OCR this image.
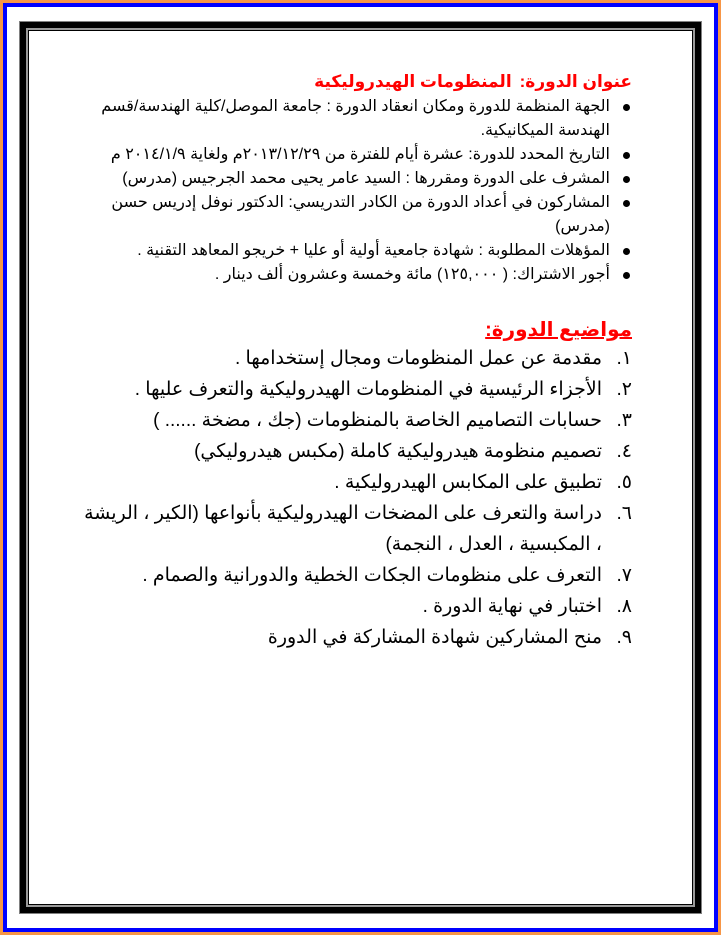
عنوان الدورة:المنظومات الهيدروليكية
الجهة المنظمة للدورة ومكان انعقاد الدورة : جامعة الموصل/كلية الهندسة/قسم الهندسة الميكانيكية.
التاريخ المحدد للدورة: عشرة أيام للفترة من ٢٠١٣/١٢/٢٩م ولغاية ٢٠١٤/١/٩ م
المشرف على الدورة ومقررها : السيد عامر يحيى محمد الجرجيس (مدرس)
المشاركون في أعداد الدورة من الكادر التدريسي: الدكتور نوفل إدريس حسن (مدرس)
المؤهلات المطلوبة : شهادة جامعية أولية أو عليا + خريجو المعاهد التقنية .
أجور الاشتراك: ( ١٢٥,٠٠٠) مائة وخمسة وعشرون ألف دينار .
مواضيع الدورة:
١.
مقدمة عن عمل المنظومات ومجال إستخدامها .
٢.
الأجزاء الرئيسية في المنظومات الهيدروليكية والتعرف عليها .
٣.
حسابات التصاميم الخاصة بالمنظومات (جك ، مضخة ...... )
٤.
تصميم منظومة هيدروليكية كاملة (مكبس هيدروليكي)
٥.
تطبيق على المكابس الهيدروليكية .
٦.
دراسة والتعرف على المضخات الهيدروليكية بأنواعها (الكير ، الريشة ، المكبسية ، العدل ، النجمة)
٧.
التعرف على منظومات الجكات الخطية والدورانية والصمام .
٨.
اختبار في نهاية الدورة .
٩.
منح المشاركين شهادة المشاركة في الدورة
